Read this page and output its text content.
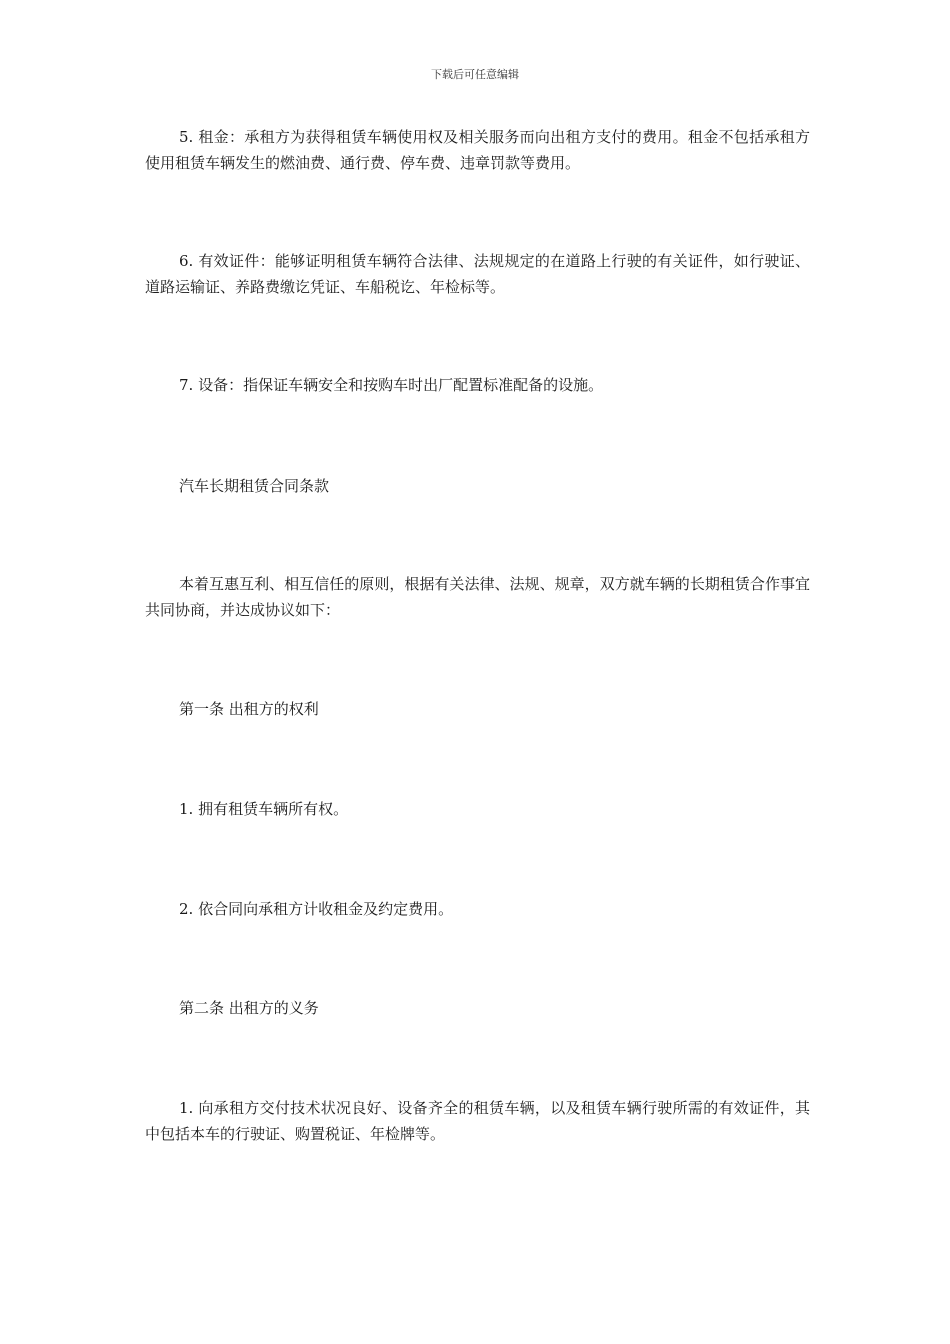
下载后可任意编辑

5. 租金：承租方为获得租赁车辆使用权及相关服务而向出租方支付的费用。租金不包括承租方使用租赁车辆发生的燃油费、通行费、停车费、违章罚款等费用。

6. 有效证件：能够证明租赁车辆符合法律、法规规定的在道路上行驶的有关证件，如行驶证、道路运输证、养路费缴讫凭证、车船税讫、年检标等。

7. 设备：指保证车辆安全和按购车时出厂配置标准配备的设施。

汽车长期租赁合同条款

本着互惠互利、相互信任的原则，根据有关法律、法规、规章，双方就车辆的长期租赁合作事宜共同协商，并达成协议如下：

第一条 出租方的权利

1. 拥有租赁车辆所有权。

2. 依合同向承租方计收租金及约定费用。

第二条 出租方的义务

1. 向承租方交付技术状况良好、设备齐全的租赁车辆，以及租赁车辆行驶所需的有效证件，其中包括本车的行驶证、购置税证、年检牌等。
